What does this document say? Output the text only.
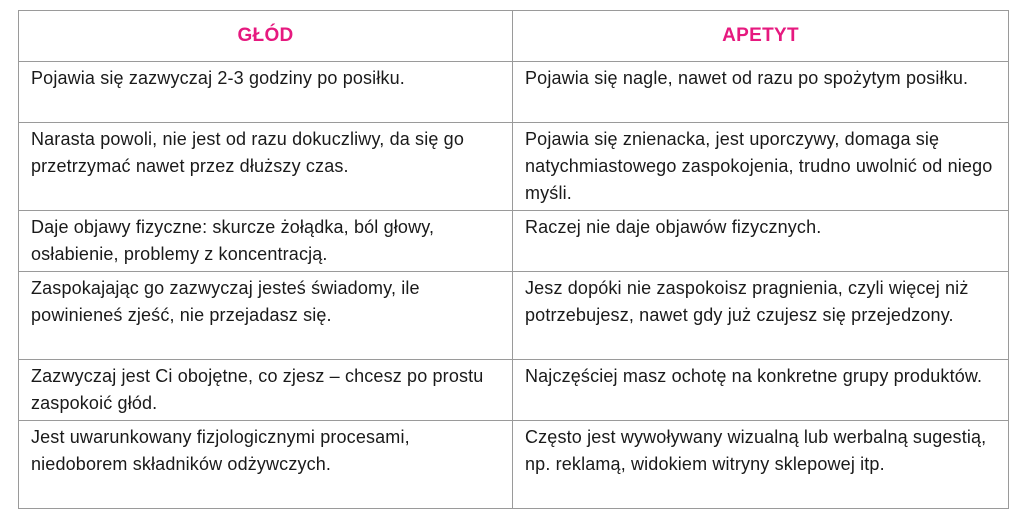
GŁÓD	APETYT
Pojawia się zazwyczaj 2-3 godziny po posiłku.	Pojawia się nagle, nawet od razu po spożytym posiłku.
Narasta powoli, nie jest od razu dokuczliwy, da się go przetrzymać nawet przez dłuższy czas.	Pojawia się znienacka, jest uporczywy, domaga się natychmiastowego zaspokojenia, trudno uwolnić od niego myśli.
Daje objawy fizyczne: skurcze żołądka, ból głowy, osłabienie, problemy z koncentracją.	Raczej nie daje objawów fizycznych.
Zaspokajając go zazwyczaj jesteś świadomy, ile powinieneś zjeść, nie przejadasz się.	Jesz dopóki nie zaspokoisz pragnienia, czyli więcej niż potrzebujesz, nawet gdy już czujesz się przejedzony.
Zazwyczaj jest Ci obojętne, co zjesz – chcesz po prostu zaspokoić głód.	Najczęściej masz ochotę na konkretne grupy produktów.
Jest uwarunkowany fizjologicznymi procesami, niedoborem składników odżywczych.	Często jest wywoływany wizualną lub werbalną sugestią, np. reklamą, widokiem witryny sklepowej itp.
